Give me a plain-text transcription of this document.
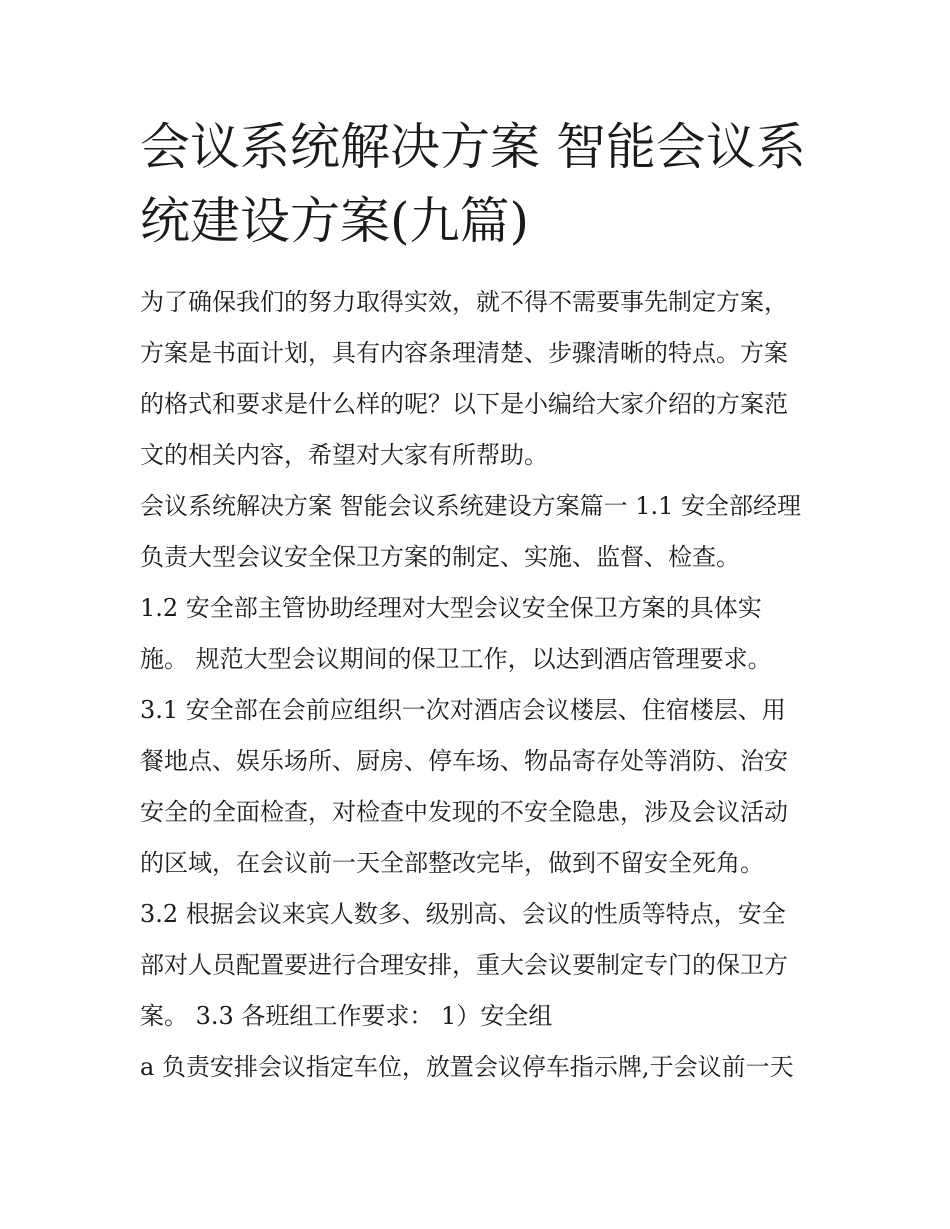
会议系统解决方案 智能会议系
统建设方案(九篇)
为了确保我们的努力取得实效，就不得不需要事先制定方案，
方案是书面计划，具有内容条理清楚、步骤清晰的特点。方案
的格式和要求是什么样的呢？以下是小编给大家介绍的方案范
文的相关内容，希望对大家有所帮助。
会议系统解决方案 智能会议系统建设方案篇一 1.1 安全部经理
负责大型会议安全保卫方案的制定、实施、监督、检查。
1.2 安全部主管协助经理对大型会议安全保卫方案的具体实
施。 规范大型会议期间的保卫工作，以达到酒店管理要求。
3.1 安全部在会前应组织一次对酒店会议楼层、住宿楼层、用
餐地点、娱乐场所、厨房、停车场、物品寄存处等消防、治安
安全的全面检查，对检查中发现的不安全隐患，涉及会议活动
的区域，在会议前一天全部整改完毕，做到不留安全死角。
3.2 根据会议来宾人数多、级别高、会议的性质等特点，安全
部对人员配置要进行合理安排，重大会议要制定专门的保卫方
案。 3.3 各班组工作要求： 1）安全组
a 负责安排会议指定车位，放置会议停车指示牌,于会议前一天
